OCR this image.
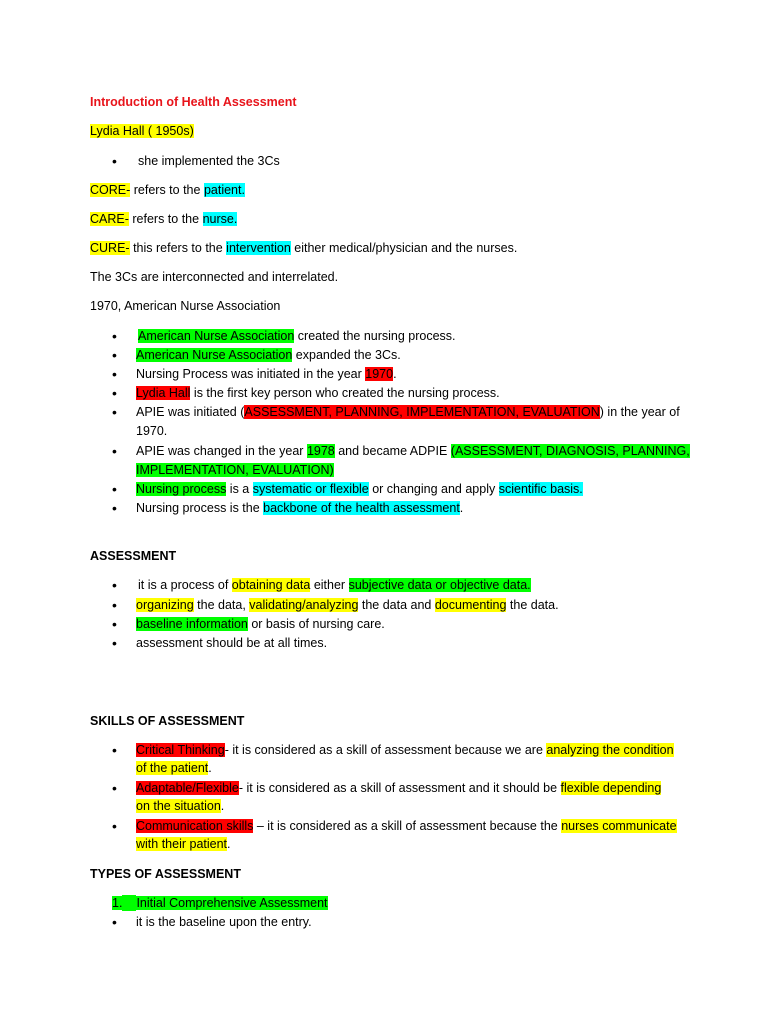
Introduction of Health Assessment
Lydia Hall ( 1950s)
• she implemented the 3Cs
CORE- refers to the patient.
CARE- refers to the nurse.
CURE- this refers to the intervention either medical/physician and the nurses.
The 3Cs are interconnected and interrelated.
1970, American Nurse Association
• American Nurse Association created the nursing process.
• American Nurse Association expanded the 3Cs.
• Nursing Process was initiated in the year 1970.
• Lydia Hall is the first key person who created the nursing process.
• APIE was initiated (ASSESSMENT, PLANNING, IMPLEMENTATION, EVALUATION) in the year of
1970.
• APIE was changed in the year 1978 and became ADPIE (ASSESSMENT, DIAGNOSIS, PLANNING,
IMPLEMENTATION, EVALUATION)
• Nursing process is a systematic or flexible or changing and apply scientific basis.
• Nursing process is the backbone of the health assessment.
ASSESSMENT
• it is a process of obtaining data either subjective data or objective data.
• organizing the data, validating/analyzing the data and documenting the data.
• baseline information or basis of nursing care.
• assessment should be at all times.
SKILLS OF ASSESSMENT
• Critical Thinking- it is considered as a skill of assessment because we are analyzing the condition
of the patient.
• Adaptable/Flexible- it is considered as a skill of assessment and it should be flexible depending
on the situation.
• Communication skills – it is considered as a skill of assessment because the nurses communicate
with their patient.
TYPES OF ASSESSMENT
1. Initial Comprehensive Assessment
• it is the baseline upon the entry.
